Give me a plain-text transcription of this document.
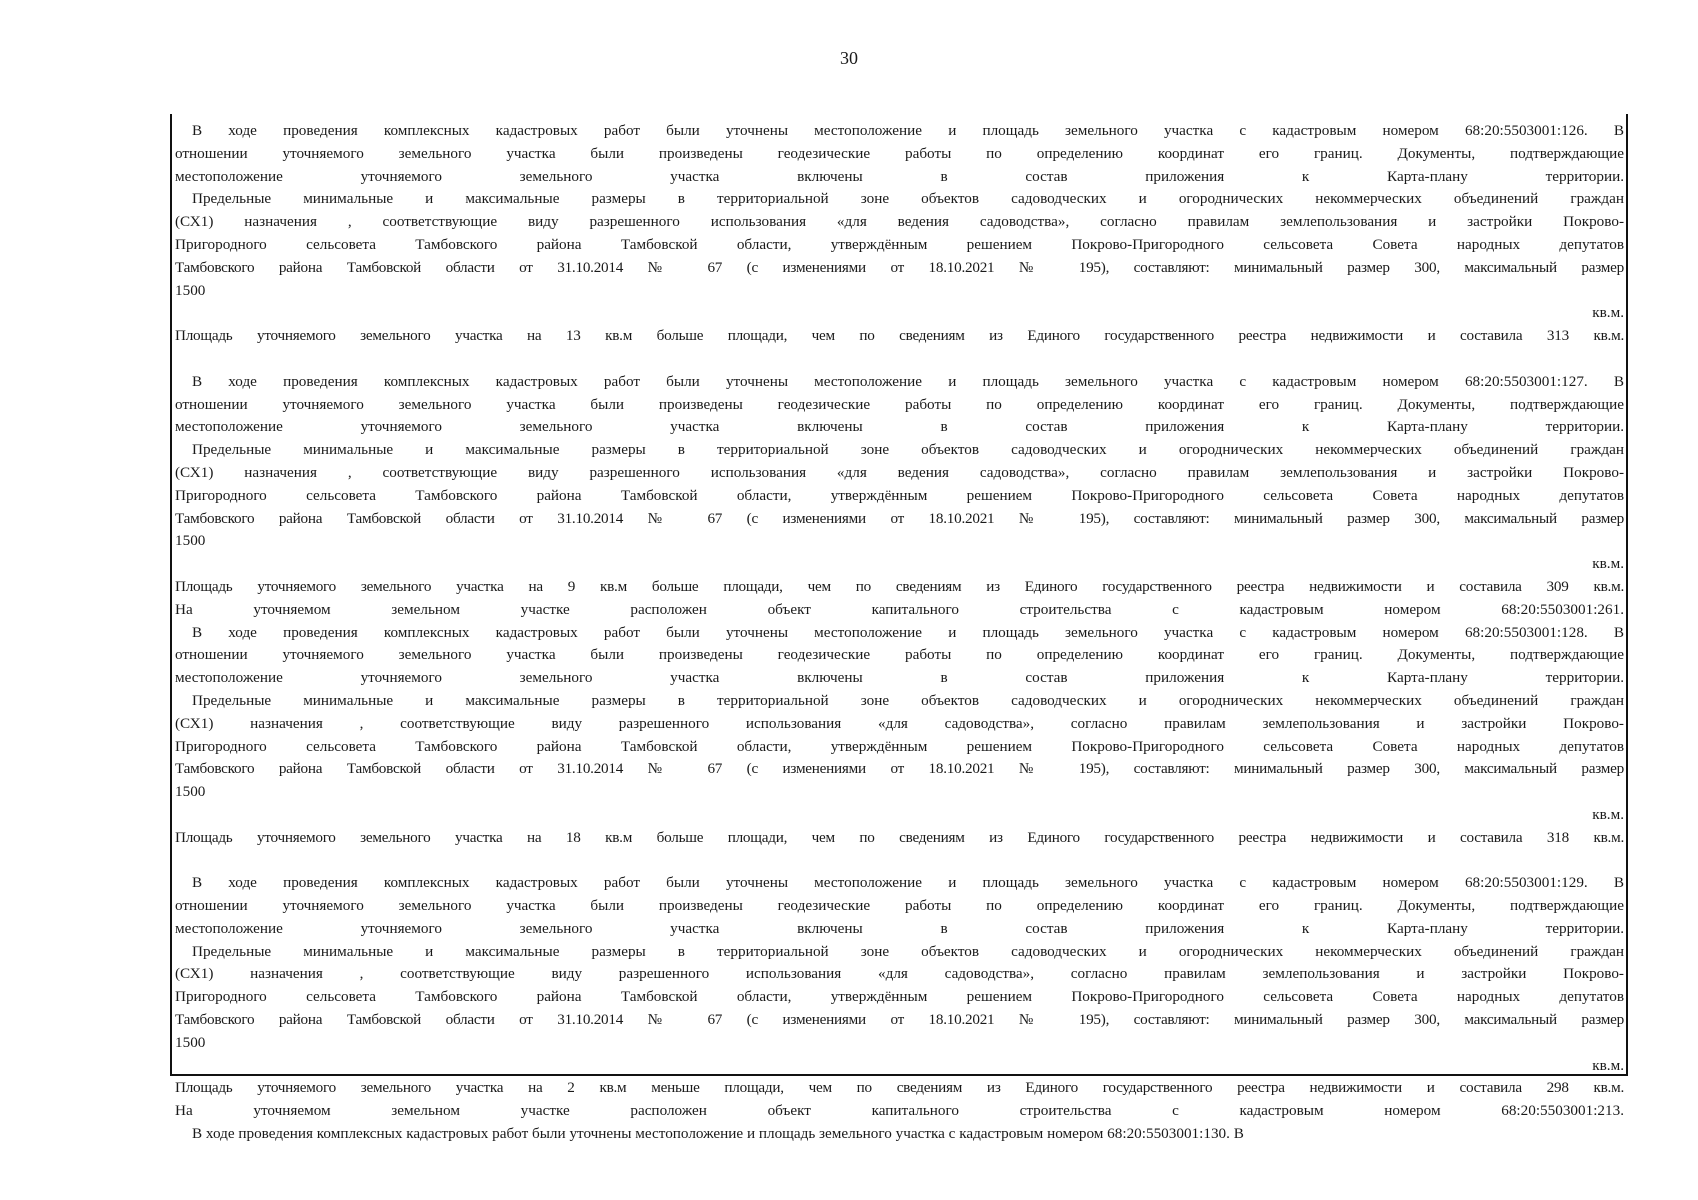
30
В ходе проведения комплексных кадастровых работ были уточнены местоположение и площадь земельного участка с кадастровым номером 68:20:5503001:126. В
отношении уточняемого земельного участка были произведены геодезические работы по определению координат его границ. Документы, подтверждающие
местоположение уточняемого земельного участка включены в состав приложения к Карта-плану территории.
Предельные минимальные и максимальные размеры в территориальной зоне объектов садоводческих и огороднических некоммерческих объединений граждан
(СХ1) назначения , соответствующие виду разрешенного использования «для ведения садоводства», согласно правилам землепользования и застройки Покрово-
Пригородного сельсовета Тамбовского района Тамбовской области, утверждённым решением Покрово-Пригородного сельсовета Совета народных депутатов
Тамбовского района Тамбовской области от 31.10.2014 № 67 (с изменениями от 18.10.2021 № 195), составляют: минимальный размер 300, максимальный размер
1500
кв.м.
Площадь уточняемого земельного участка на 13 кв.м больше площади, чем по сведениям из Единого государственного реестра недвижимости и составила 313 кв.м.
В ходе проведения комплексных кадастровых работ были уточнены местоположение и площадь земельного участка с кадастровым номером 68:20:5503001:127. В
отношении уточняемого земельного участка были произведены геодезические работы по определению координат его границ. Документы, подтверждающие
местоположение уточняемого земельного участка включены в состав приложения к Карта-плану территории.
Предельные минимальные и максимальные размеры в территориальной зоне объектов садоводческих и огороднических некоммерческих объединений граждан
(СХ1) назначения , соответствующие виду разрешенного использования «для ведения садоводства», согласно правилам землепользования и застройки Покрово-
Пригородного сельсовета Тамбовского района Тамбовской области, утверждённым решением Покрово-Пригородного сельсовета Совета народных депутатов
Тамбовского района Тамбовской области от 31.10.2014 № 67 (с изменениями от 18.10.2021 № 195), составляют: минимальный размер 300, максимальный размер
1500
кв.м.
Площадь уточняемого земельного участка на 9 кв.м больше площади, чем по сведениям из Единого государственного реестра недвижимости и составила 309 кв.м.
На уточняемом земельном участке расположен объект капитального строительства с кадастровым номером 68:20:5503001:261.
В ходе проведения комплексных кадастровых работ были уточнены местоположение и площадь земельного участка с кадастровым номером 68:20:5503001:128. В
отношении уточняемого земельного участка были произведены геодезические работы по определению координат его границ. Документы, подтверждающие
местоположение уточняемого земельного участка включены в состав приложения к Карта-плану территории.
Предельные минимальные и максимальные размеры в территориальной зоне объектов садоводческих и огороднических некоммерческих объединений граждан
(СХ1) назначения , соответствующие виду разрешенного использования «для садоводства», согласно правилам землепользования и застройки Покрово-
Пригородного сельсовета Тамбовского района Тамбовской области, утверждённым решением Покрово-Пригородного сельсовета Совета народных депутатов
Тамбовского района Тамбовской области от 31.10.2014 № 67 (с изменениями от 18.10.2021 № 195), составляют: минимальный размер 300, максимальный размер
1500
кв.м.
Площадь уточняемого земельного участка на 18 кв.м больше площади, чем по сведениям из Единого государственного реестра недвижимости и составила 318 кв.м.
В ходе проведения комплексных кадастровых работ были уточнены местоположение и площадь земельного участка с кадастровым номером 68:20:5503001:129. В
отношении уточняемого земельного участка были произведены геодезические работы по определению координат его границ. Документы, подтверждающие
местоположение уточняемого земельного участка включены в состав приложения к Карта-плану территории.
Предельные минимальные и максимальные размеры в территориальной зоне объектов садоводческих и огороднических некоммерческих объединений граждан
(СХ1) назначения , соответствующие виду разрешенного использования «для садоводства», согласно правилам землепользования и застройки Покрово-
Пригородного сельсовета Тамбовского района Тамбовской области, утверждённым решением Покрово-Пригородного сельсовета Совета народных депутатов
Тамбовского района Тамбовской области от 31.10.2014 № 67 (с изменениями от 18.10.2021 № 195), составляют: минимальный размер 300, максимальный размер
1500
кв.м.
Площадь уточняемого земельного участка на 2 кв.м меньше площади, чем по сведениям из Единого государственного реестра недвижимости и составила 298 кв.м.
На уточняемом земельном участке расположен объект капитального строительства с кадастровым номером 68:20:5503001:213.
В ходе проведения комплексных кадастровых работ были уточнены местоположение и площадь земельного участка с кадастровым номером 68:20:5503001:130. В
